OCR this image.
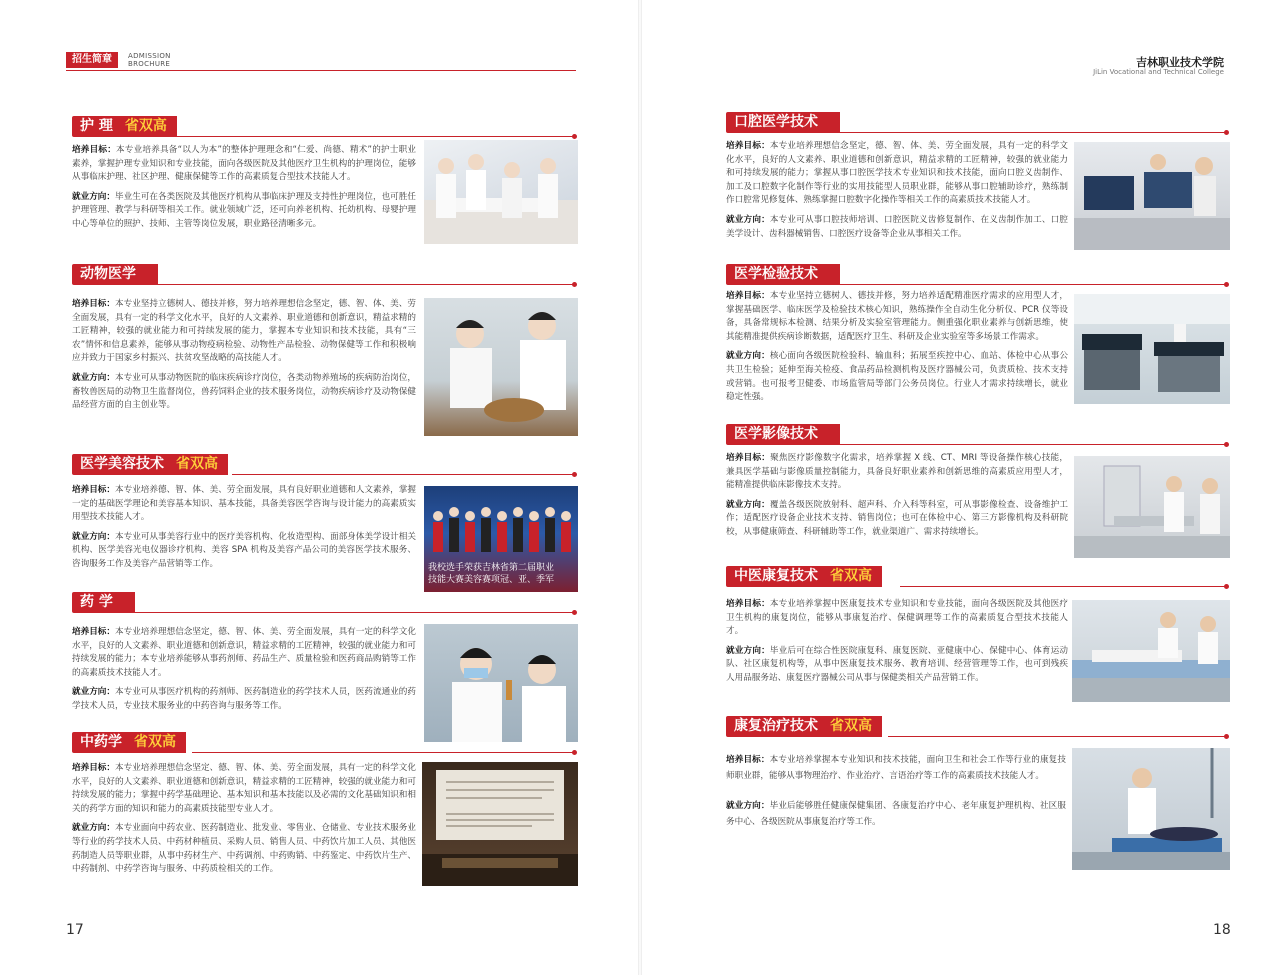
招生简章	ADMISSION
BROCHURE	吉林职业技术学院
JiLin Vocational and Technical College
17	18
护 理 省双高

培养目标：本专业培养具备“以人为本”的整体护理理念和“仁爱、尚德、精术”的护士职业素养，掌握护理专业知识和专业技能，面向各级医院及其他医疗卫生机构的护理岗位，能够从事临床护理、社区护理、健康保健等工作的高素质复合型技术技能人才。

就业方向：毕业生可在各类医院及其他医疗机构从事临床护理及支持性护理岗位，也可胜任护理管理、教学与科研等相关工作。就业领域广泛，还可向养老机构、托幼机构、母婴护理中心等单位的照护、技师、主管等岗位发展，职业路径清晰多元。

动物医学

培养目标：本专业坚持立德树人、德技并修，努力培养理想信念坚定，德、智、体、美、劳全面发展，具有一定的科学文化水平，良好的人文素养、职业道德和创新意识，精益求精的工匠精神，较强的就业能力和可持续发展的能力，掌握本专业知识和技术技能，具有“三农”情怀和信息素养，能够从事动物疫病检验、动物性产品检验、动物保健等工作和积极响应并致力于国家乡村振兴、扶贫攻坚战略的高技能人才。

就业方向：本专业可从事动物医院的临床疾病诊疗岗位，各类动物养殖场的疾病防治岗位，畜牧兽医局的动物卫生监督岗位，兽药饲料企业的技术服务岗位，动物疾病诊疗及动物保健品经营方面的自主创业等。

医学美容技术 省双高

培养目标：本专业培养德、智、体、美、劳全面发展，具有良好职业道德和人文素养，掌握一定的基础医学理论和美容基本知识、基本技能，具备美容医学咨询与设计能力的高素质实用型技术技能人才。

就业方向：本专业可从事美容行业中的医疗美容机构、化妆造型构、面部身体美学设计相关机构、医学美容光电仪器诊疗机构、美容 SPA 机构及美容产品公司的美容医学技术服务、咨询服务工作及美容产品营销等工作。	我校选手荣获吉林省第二届职业
技能大赛美容赛项冠、亚、季军
药 学

培养目标：本专业培养理想信念坚定，德、智、体、美、劳全面发展，具有一定的科学文化水平，良好的人文素养、职业道德和创新意识，精益求精的工匠精神，较强的就业能力和可持续发展的能力；本专业培养能够从事药剂师、药品生产、质量检验和医药商品购销等工作的高素质技术技能人才。

就业方向：本专业可从事医疗机构的药剂师、医药制造业的药学技术人员，医药流通业的药学技术人员，专业技术服务业的中药咨询与服务等工作。

中药学 省双高

培养目标：本专业培养理想信念坚定、德、智、体、美、劳全面发展，具有一定的科学文化水平，良好的人文素养、职业道德和创新意识，精益求精的工匠精神，较强的就业能力和可持续发展的能力；掌握中药学基础理论、基本知识和基本技能以及必需的文化基础知识和相关的药学方面的知识和能力的高素质技能型专业人才。

就业方向：本专业面向中药农业、医药制造业、批发业、零售业、仓储业、专业技术服务业等行业的药学技术人员、中药材种植员、采购人员、销售人员、中药饮片加工人员、其他医药制造人员等职业群，从事中药材生产、中药调剂、中药购销、中药鉴定、中药饮片生产、中药制剂、中药学咨询与服务、中药质检相关的工作。

口腔医学技术

培养目标：本专业培养理想信念坚定，德、智、体、美、劳全面发展，具有一定的科学文化水平，良好的人文素养、职业道德和创新意识，精益求精的工匠精神，较强的就业能力和可持续发展的能力；掌握从事口腔医学技术专业知识和技术技能，面向口腔义齿制作、加工及口腔数字化制作等行业的实用技能型人员职业群，能够从事口腔辅助诊疗，熟练制作口腔常见修复体、熟练掌握口腔数字化操作等相关工作的高素质技术技能人才。

就业方向：本专业可从事口腔技师培训、口腔医院义齿修复制作、在义齿制作加工、口腔美学设计、齿科器械销售、口腔医疗设备等企业从事相关工作。

医学检验技术

培养目标：本专业坚持立德树人、德技并修，努力培养适配精准医疗需求的应用型人才，掌握基础医学、临床医学及检验技术核心知识，熟练操作全自动生化分析仪、PCR 仪等设备，具备常规标本检测、结果分析及实验室管理能力。侧重强化职业素养与创新思维，使其能精准提供疾病诊断数据，适配医疗卫生、科研及企业实验室等多场景工作需求。

就业方向：核心面向各级医院检验科、输血科；拓展至疾控中心、血站、体检中心从事公共卫生检验；延伸至海关检疫、食品药品检测机构及医疗器械公司，负责质检、技术支持或营销。也可报考卫健委、市场监管局等部门公务员岗位。行业人才需求持续增长，就业稳定性强。

医学影像技术

培养目标：聚焦医疗影像数字化需求，培养掌握 X 线、CT、MRI 等设备操作核心技能，兼具医学基础与影像质量控制能力，具备良好职业素养和创新思维的高素质应用型人才，能精准提供临床影像技术支持。

就业方向：覆盖各级医院放射科、超声科、介入科等科室，可从事影像检查、设备维护工作；适配医疗设备企业技术支持、销售岗位；也可在体检中心、第三方影像机构及科研院校，从事健康筛查、科研辅助等工作，就业渠道广、需求持续增长。

中医康复技术 省双高

培养目标：本专业培养掌握中医康复技术专业知识和专业技能，面向各级医院及其他医疗卫生机构的康复岗位，能够从事康复治疗、保健调理等工作的高素质复合型技术技能人才。

就业方向：毕业后可在综合性医院康复科、康复医院、亚健康中心、保健中心、体育运动队、社区康复机构等，从事中医康复技术服务、教育培训、经营管理等工作，也可到残疾人用品服务站、康复医疗器械公司从事与保健类相关产品营销工作。

康复治疗技术 省双高

培养目标：本专业培养掌握本专业知识和技术技能，面向卫生和社会工作等行业的康复技师职业群，能够从事物理治疗、作业治疗、言语治疗等工作的高素质技术技能人才。

就业方向：毕业后能够胜任健康保健集团、各康复治疗中心、老年康复护理机构、社区服务中心、各级医院从事康复治疗等工作。
